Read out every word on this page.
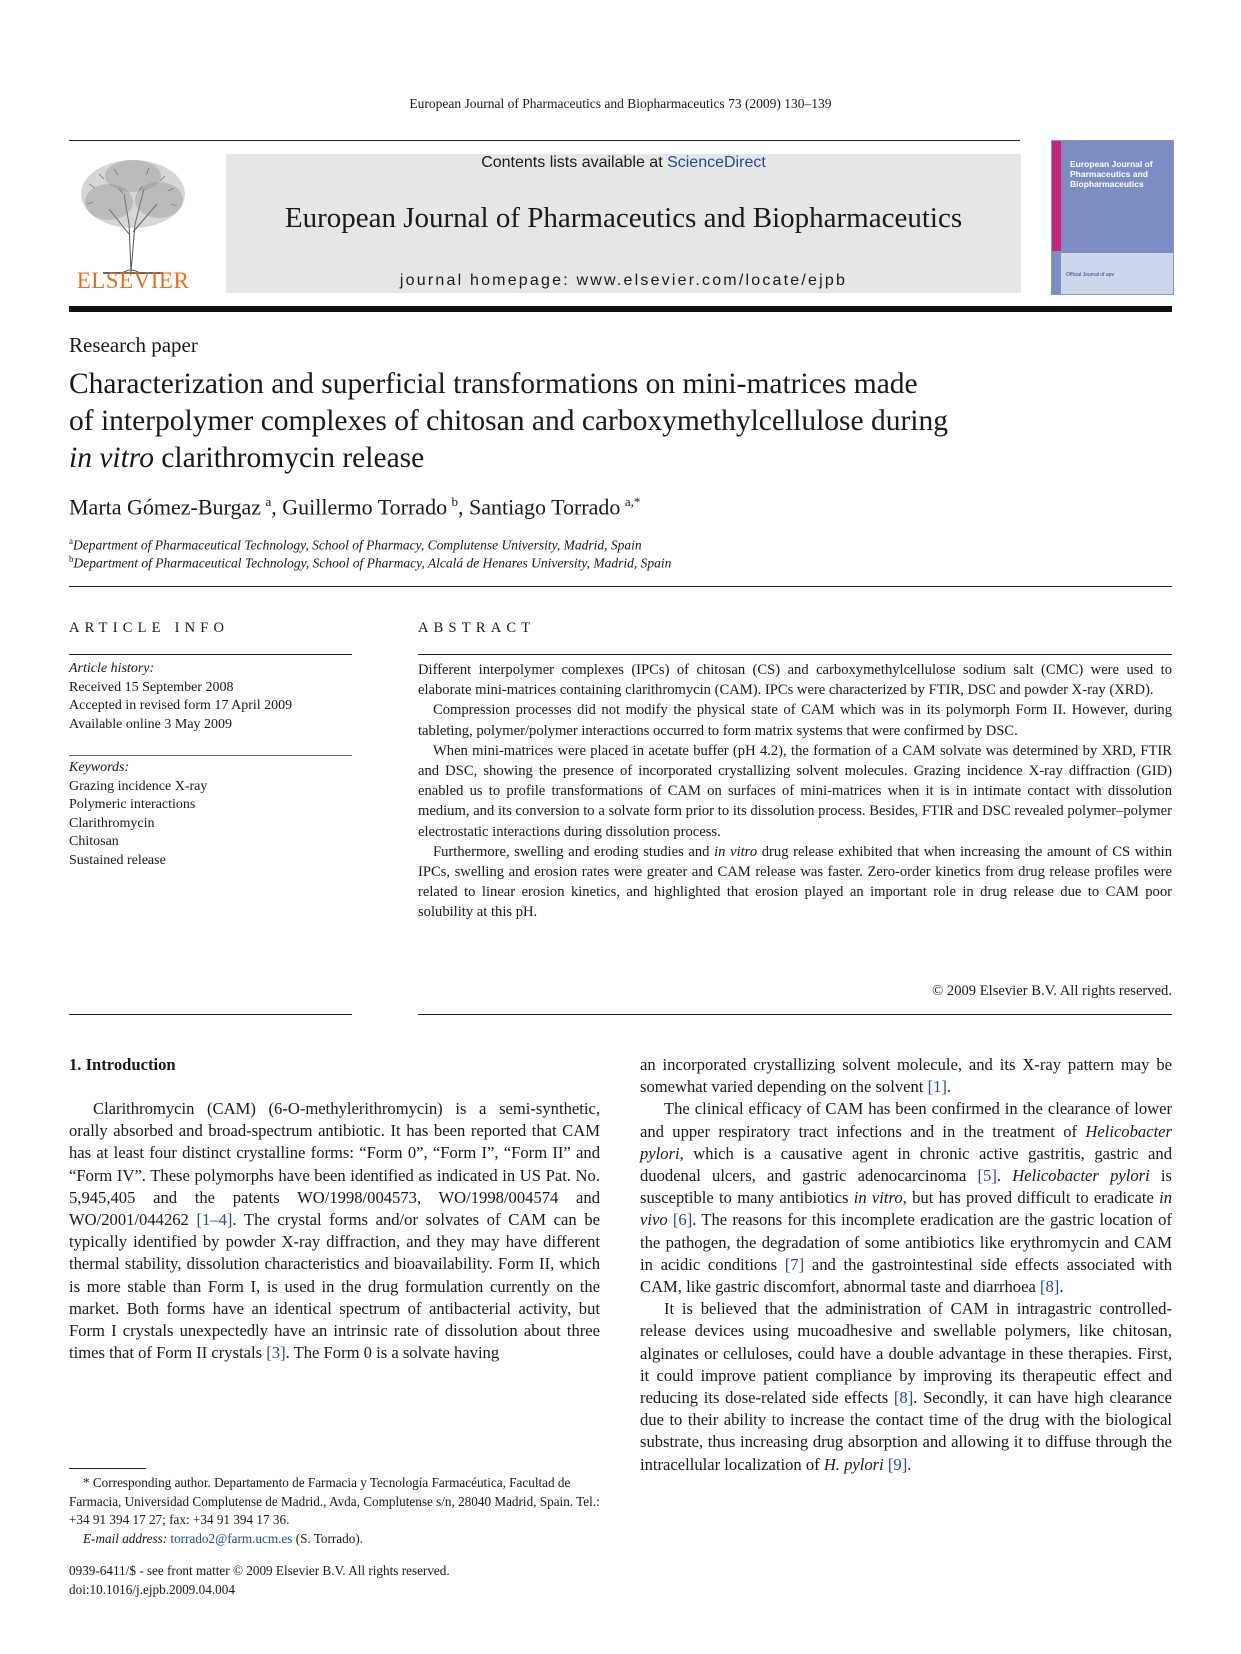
European Journal of Pharmaceutics and Biopharmaceutics 73 (2009) 130–139
ELSEVIER
Contents lists available at ScienceDirect
European Journal of Pharmaceutics and Biopharmaceutics
journal homepage: www.elsevier.com/locate/ejpb
European Journal of Pharmaceutics and Biopharmaceutics
Official Journal of apv
Research paper
Characterization and superficial transformations on mini-matrices made
of interpolymer complexes of chitosan and carboxymethylcellulose during
in vitro clarithromycin release
Marta Gómez-Burgaz  $^a$, Guillermo Torrado  $^b$, Santiago Torrado  $^{a,*}$
$^a$Department of Pharmaceutical Technology, School of Pharmacy, Complutense University, Madrid, Spain
$^b$Department of Pharmaceutical Technology, School of Pharmacy, Alcalá de Henares University, Madrid, Spain
ARTICLE INFO
Article history:
Received 15 September 2008
Accepted in revised form 17 April 2009
Available online 3 May 2009
Keywords:
Grazing incidence X-ray
Polymeric interactions
Clarithromycin
Chitosan
Sustained release
ABSTRACT

Different interpolymer complexes (IPCs) of chitosan (CS) and carboxymethylcellulose sodium salt (CMC) were used to elaborate mini-matrices containing clarithromycin (CAM). IPCs were characterized by FTIR, DSC and powder X-ray (XRD).

Compression processes did not modify the physical state of CAM which was in its polymorph Form II. However, during tableting, polymer/polymer interactions occurred to form matrix systems that were confirmed by DSC.

When mini-matrices were placed in acetate buffer (pH 4.2), the formation of a CAM solvate was determined by XRD, FTIR and DSC, showing the presence of incorporated crystallizing solvent molecules. Grazing incidence X-ray diffraction (GID) enabled us to profile transformations of CAM on surfaces of mini-matrices when it is in intimate contact with dissolution medium, and its conversion to a solvate form prior to its dissolution process. Besides, FTIR and DSC revealed polymer–polymer electrostatic interactions during dissolution process.

Furthermore, swelling and eroding studies and in vitro drug release exhibited that when increasing the amount of CS within IPCs, swelling and erosion rates were greater and CAM release was faster. Zero-order kinetics from drug release profiles were related to linear erosion kinetics, and highlighted that erosion played an important role in drug release due to CAM poor solubility at this pH.

© 2009 Elsevier B.V. All rights reserved.
1. Introduction

Clarithromycin (CAM) (6-O-methylerithromycin) is a semi-synthetic, orally absorbed and broad-spectrum antibiotic. It has been reported that CAM has at least four distinct crystalline forms: “Form 0”, “Form I”, “Form II” and “Form IV”. These polymorphs have been identified as indicated in US Pat. No. 5,945,405 and the patents WO/1998/004573, WO/1998/004574 and WO/2001/044262 [1–4]. The crystal forms and/or solvates of CAM can be typically identified by powder X-ray diffraction, and they may have different thermal stability, dissolution characteristics and bioavailability. Form II, which is more stable than Form I, is used in the drug formulation currently on the market. Both forms have an identical spectrum of antibacterial activity, but Form I crystals unexpectedly have an intrinsic rate of dissolution about three times that of Form II crystals [3]. The Form 0 is a solvate having

an incorporated crystallizing solvent molecule, and its X-ray pattern may be somewhat varied depending on the solvent [1].

The clinical efficacy of CAM has been confirmed in the clearance of lower and upper respiratory tract infections and in the treatment of Helicobacter pylori, which is a causative agent in chronic active gastritis, gastric and duodenal ulcers, and gastric adenocarcinoma [5]. Helicobacter pylori is susceptible to many antibiotics in vitro, but has proved difficult to eradicate in vivo [6]. The reasons for this incomplete eradication are the gastric location of the pathogen, the degradation of some antibiotics like erythromycin and CAM in acidic conditions [7] and the gastrointestinal side effects associated with CAM, like gastric discomfort, abnormal taste and diarrhoea [8].

It is believed that the administration of CAM in intragastric controlled-release devices using mucoadhesive and swellable polymers, like chitosan, alginates or celluloses, could have a double advantage in these therapies. First, it could improve patient compliance by improving its therapeutic effect and reducing its dose-related side effects [8]. Secondly, it can have high clearance due to their ability to increase the contact time of the drug with the biological substrate, thus increasing drug absorption and allowing it to diffuse through the intracellular localization of H. pylori [9].

* Corresponding author. Departamento de Farmacia y Tecnología Farmacéutica, Facultad de Farmacia, Universidad Complutense de Madrid., Avda, Complutense s/n, 28040 Madrid, Spain. Tel.: +34 91 394 17 27; fax: +34 91 394 17 36.

E-mail address: torrado2@farm.ucm.es (S. Torrado).

0939-6411/$ - see front matter © 2009 Elsevier B.V. All rights reserved.
doi:10.1016/j.ejpb.2009.04.004
